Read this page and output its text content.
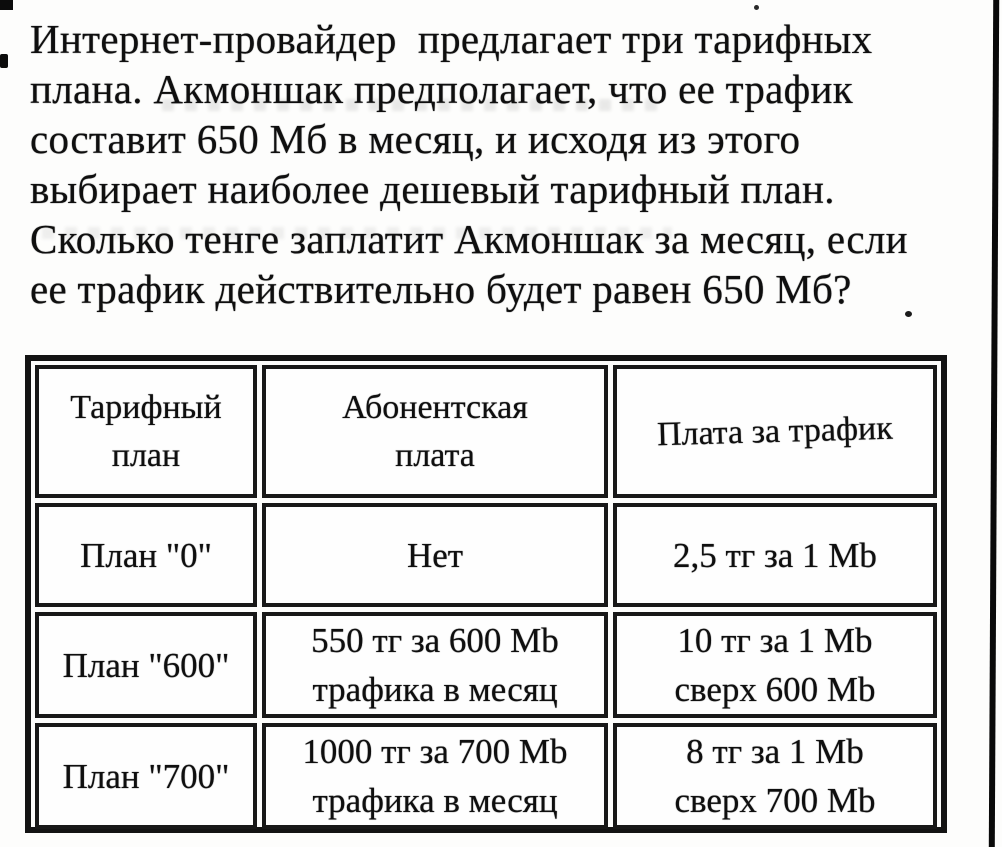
Интернет-провайдер  предлагает три тарифных
плана. Акмоншак предполагает, что ее трафик
составит 650 Мб в месяц, и исходя из этого
выбирает наиболее дешевый тарифный план.
Сколько тенге заплатит Акмоншак за месяц, если
ее трафик действительно будет равен 650 Мб?
Тарифный
план
Абонентская
плата
Плата за трафик
План "0"	Нет	2,5 тг за 1 Mb
План "600"
550 тг за 600 Mb
трафика в месяц
10 тг за 1 Mb
сверх 600 Mb
План "700"
1000 тг за 700 Mb
трафика в месяц
8 тг за 1 Mb
сверх 700 Mb
